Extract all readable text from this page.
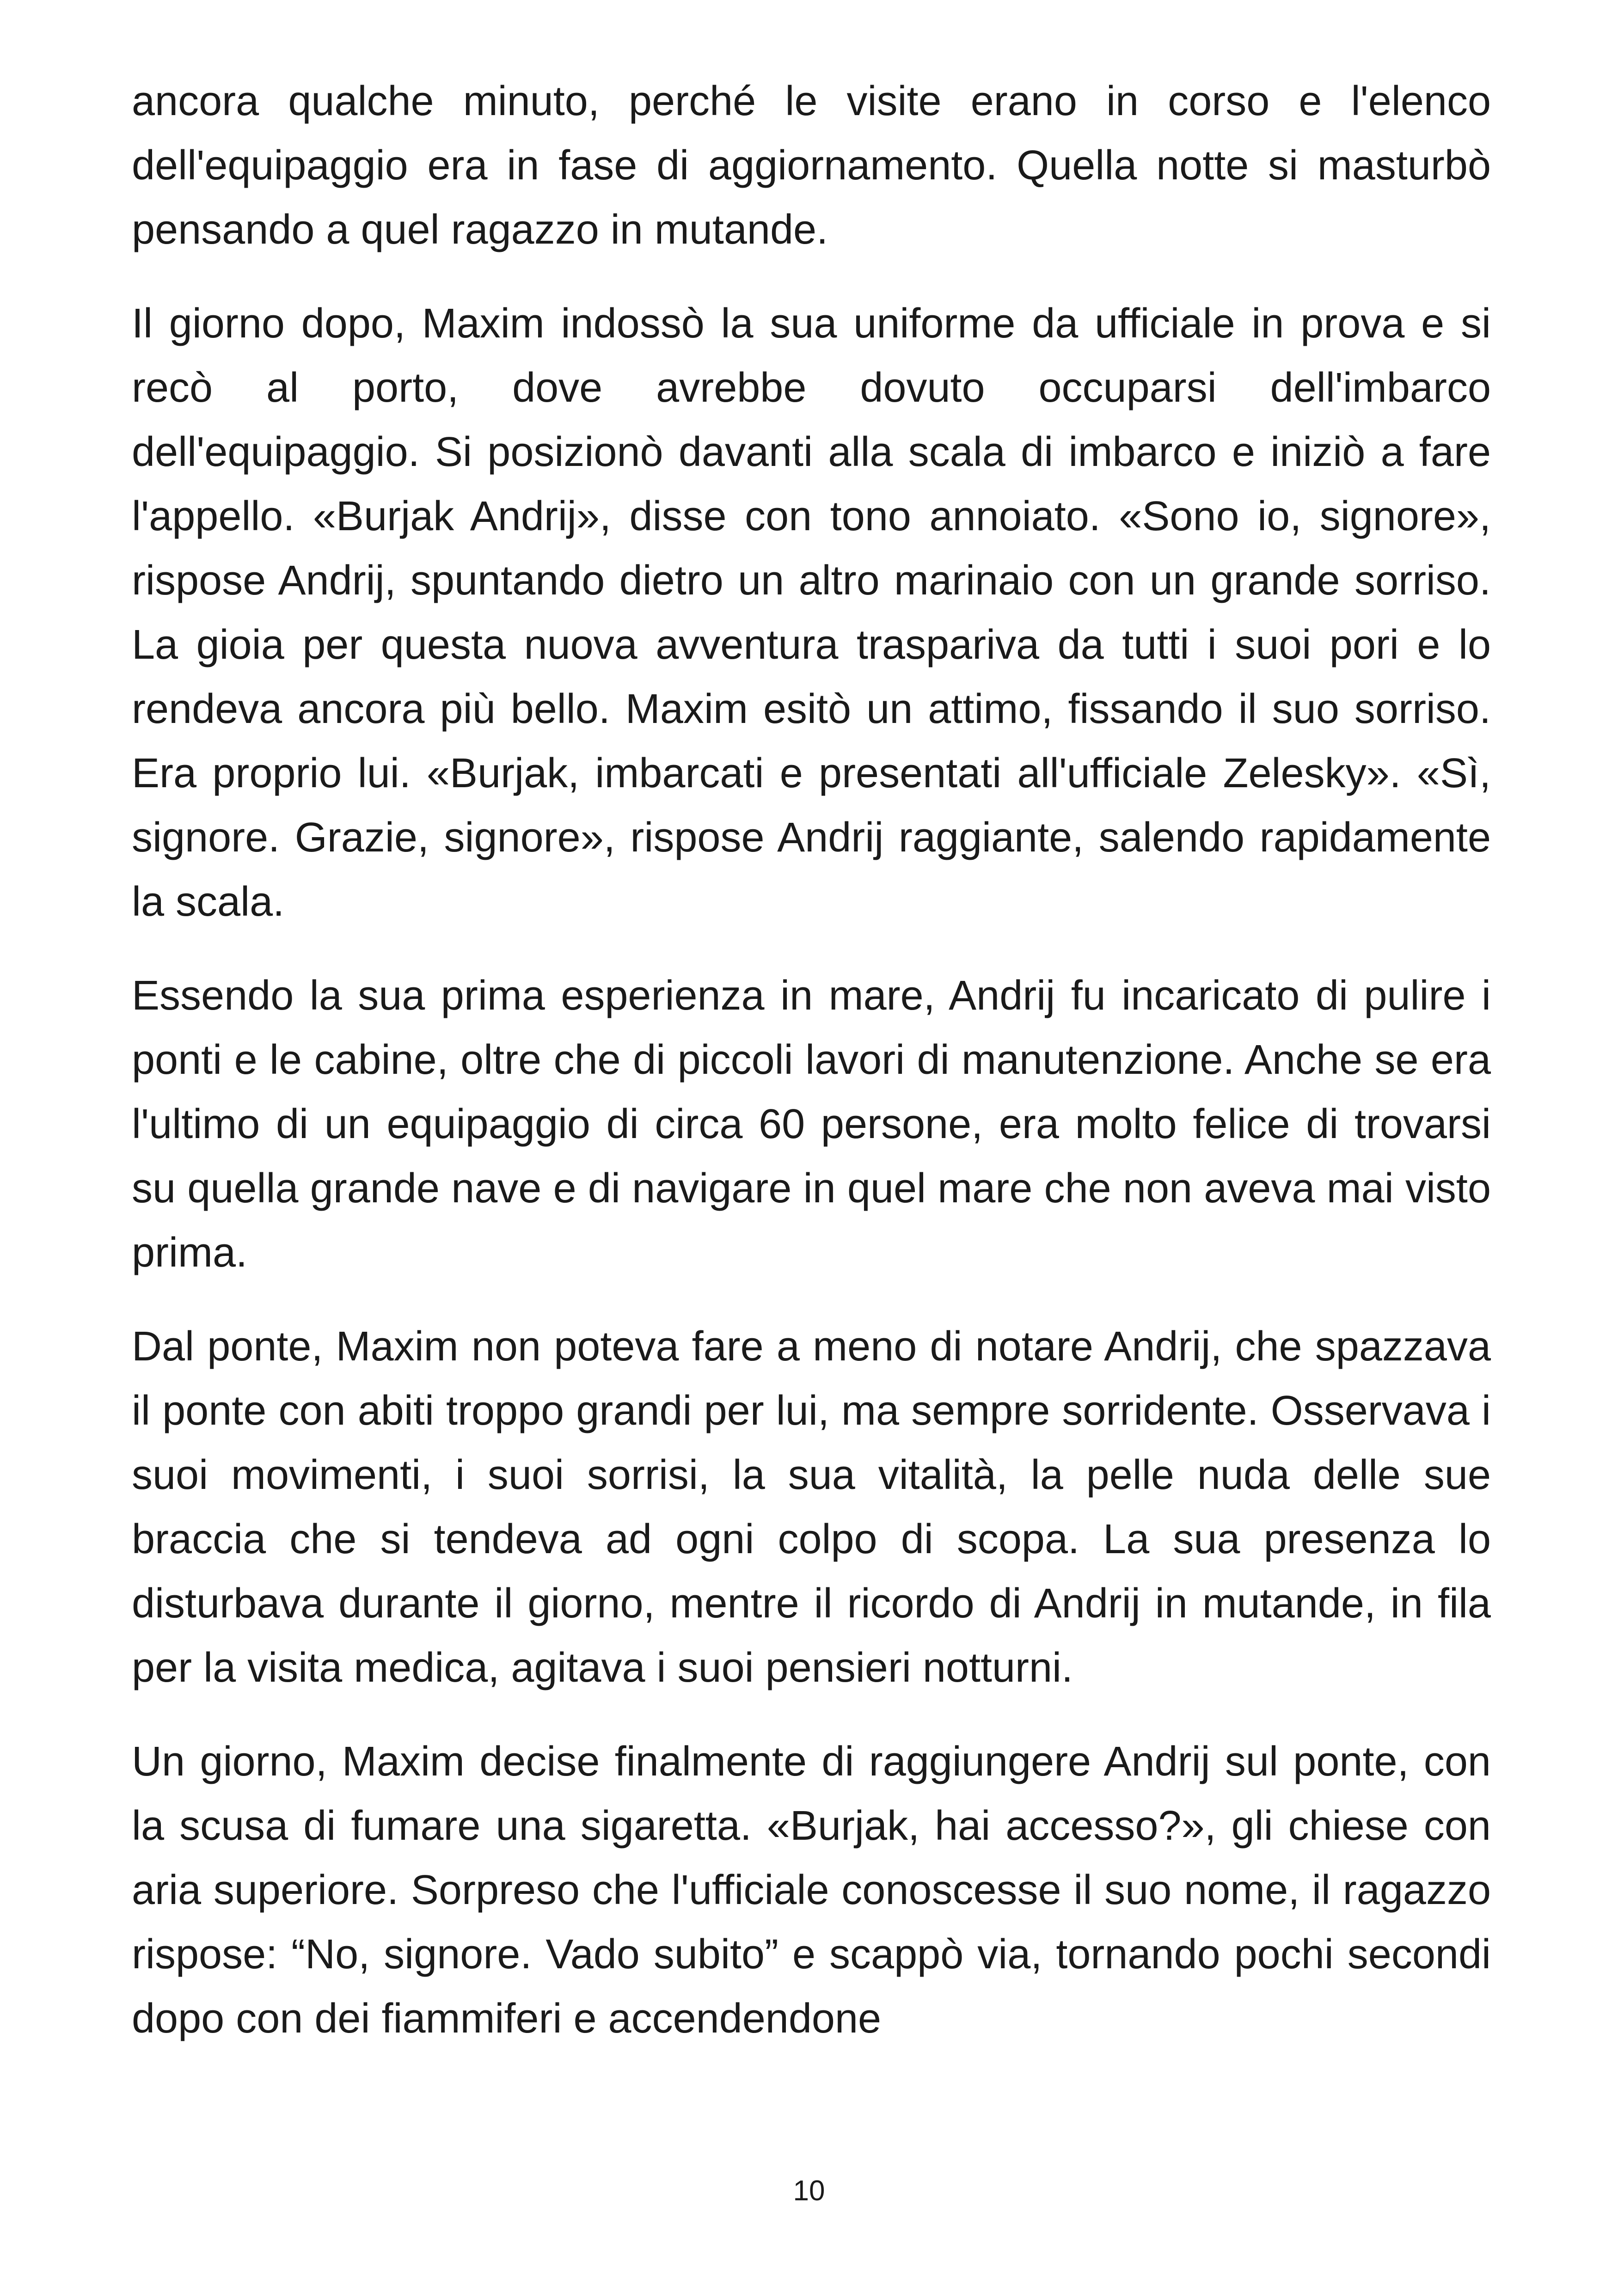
ancora qualche minuto, perché le visite erano in corso e l'elenco dell'equipaggio era in fase di aggiornamento. Quella notte si masturbò pensando a quel ragazzo in mutande.

Il giorno dopo, Maxim indossò la sua uniforme da ufficiale in prova e si recò al porto, dove avrebbe dovuto occuparsi dell'imbarco dell'equipaggio. Si posizionò davanti alla scala di imbarco e iniziò a fare l'appello. «Burjak Andrij», disse con tono annoiato. «Sono io, signore», rispose Andrij, spuntando dietro un altro marinaio con un grande sorriso. La gioia per questa nuova avventura traspariva da tutti i suoi pori e lo rendeva ancora più bello. Maxim esitò un attimo, fissando il suo sorriso. Era proprio lui. «Burjak, imbarcati e presentati all'ufficiale Zelesky». «Sì, signore. Grazie, signore», rispose Andrij raggiante, salendo rapidamente la scala.

Essendo la sua prima esperienza in mare, Andrij fu incaricato di pulire i ponti e le cabine, oltre che di piccoli lavori di manutenzione. Anche se era l'ultimo di un equipaggio di circa 60 persone, era molto felice di trovarsi su quella grande nave e di navigare in quel mare che non aveva mai visto prima.

Dal ponte, Maxim non poteva fare a meno di notare Andrij, che spazzava il ponte con abiti troppo grandi per lui, ma sempre sorridente. Osservava i suoi movimenti, i suoi sorrisi, la sua vitalità, la pelle nuda delle sue braccia che si tendeva ad ogni colpo di scopa. La sua presenza lo disturbava durante il giorno, mentre il ricordo di Andrij in mutande, in fila per la visita medica, agitava i suoi pensieri notturni.

Un giorno, Maxim decise finalmente di raggiungere Andrij sul ponte, con la scusa di fumare una sigaretta. «Burjak, hai accesso?», gli chiese con aria superiore. Sorpreso che l'ufficiale conoscesse il suo nome, il ragazzo rispose: “No, signore. Vado subito” e scappò via, tornando pochi secondi dopo con dei fiammiferi e accendendone

10
